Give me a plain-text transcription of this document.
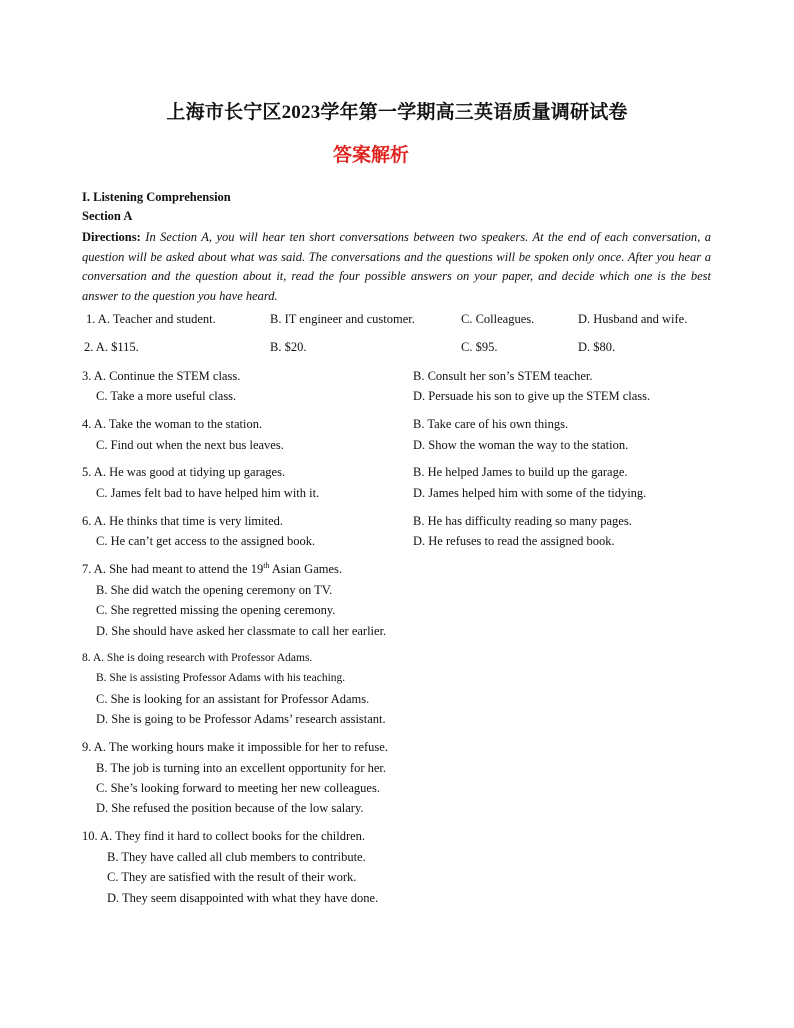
上海市长宁区2023学年第一学期高三英语质量调研试卷
答案解析
I. Listening Comprehension
Section A
Directions: In Section A, you will hear ten short conversations between two speakers. At the end of each conversation, a question will be asked about what was said. The conversations and the questions will be spoken only once. After you hear a conversation and the question about it, read the four possible answers on your paper, and decide which one is the best answer to the question you have heard.
1. A. Teacher and student.	B. IT engineer and customer.	C. Colleagues.	D. Husband and wife.
2. A. $115.	B. $20.	C. $95.	D. $80.
3. A. Continue the STEM class.	B. Consult her son’s STEM teacher.
C. Take a more useful class.	D. Persuade his son to give up the STEM class.
4. A. Take the woman to the station.	B. Take care of his own things.
C. Find out when the next bus leaves.	D. Show the woman the way to the station.
5. A. He was good at tidying up garages.	B. He helped James to build up the garage.
C. James felt bad to have helped him with it.	D. James helped him with some of the tidying.
6. A. He thinks that time is very limited.	B. He has difficulty reading so many pages.
C. He can’t get access to the assigned book.	D. He refuses to read the assigned book.
7. A. She had meant to attend the 19th Asian Games.
B. She did watch the opening ceremony on TV.
C. She regretted missing the opening ceremony.
D. She should have asked her classmate to call her earlier.
8. A. She is doing research with Professor Adams.
B. She is assisting Professor Adams with his teaching.
C. She is looking for an assistant for Professor Adams.
D. She is going to be Professor Adams’ research assistant.
9. A. The working hours make it impossible for her to refuse.
B. The job is turning into an excellent opportunity for her.
C. She’s looking forward to meeting her new colleagues.
D. She refused the position because of the low salary.
10. A. They find it hard to collect books for the children.
B. They have called all club members to contribute.
C. They are satisfied with the result of their work.
D. They seem disappointed with what they have done.
